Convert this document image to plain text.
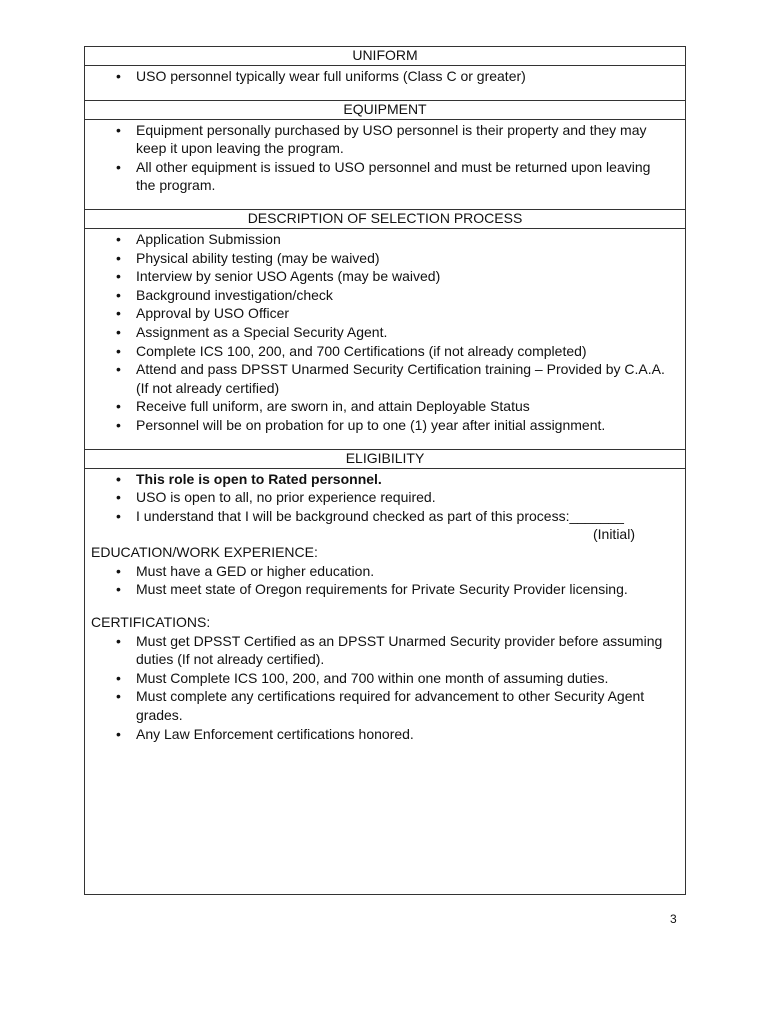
UNIFORM
• USO personnel typically wear full uniforms (Class C or greater)
EQUIPMENT
• Equipment personally purchased by USO personnel is their property and they may keep it upon leaving the program.
• All other equipment is issued to USO personnel and must be returned upon leaving the program.
DESCRIPTION OF SELECTION PROCESS
• Application Submission
• Physical ability testing (may be waived)
• Interview by senior USO Agents (may be waived)
• Background investigation/check
• Approval by USO Officer
• Assignment as a Special Security Agent.
• Complete ICS 100, 200, and 700 Certifications (if not already completed)
• Attend and pass DPSST Unarmed Security Certification training – Provided by C.A.A. (If not already certified)
• Receive full uniform, are sworn in, and attain Deployable Status
• Personnel will be on probation for up to one (1) year after initial assignment.
ELIGIBILITY
• This role is open to Rated personnel.
• USO is open to all, no prior experience required.
• I understand that I will be background checked as part of this process:_______
(Initial)
EDUCATION/WORK EXPERIENCE:
• Must have a GED or higher education.
• Must meet state of Oregon requirements for Private Security Provider licensing.
CERTIFICATIONS:
• Must get DPSST Certified as an DPSST Unarmed Security provider before assuming duties (If not already certified).
• Must Complete ICS 100, 200, and 700 within one month of assuming duties.
• Must complete any certifications required for advancement to other Security Agent grades.
• Any Law Enforcement certifications honored.
3
